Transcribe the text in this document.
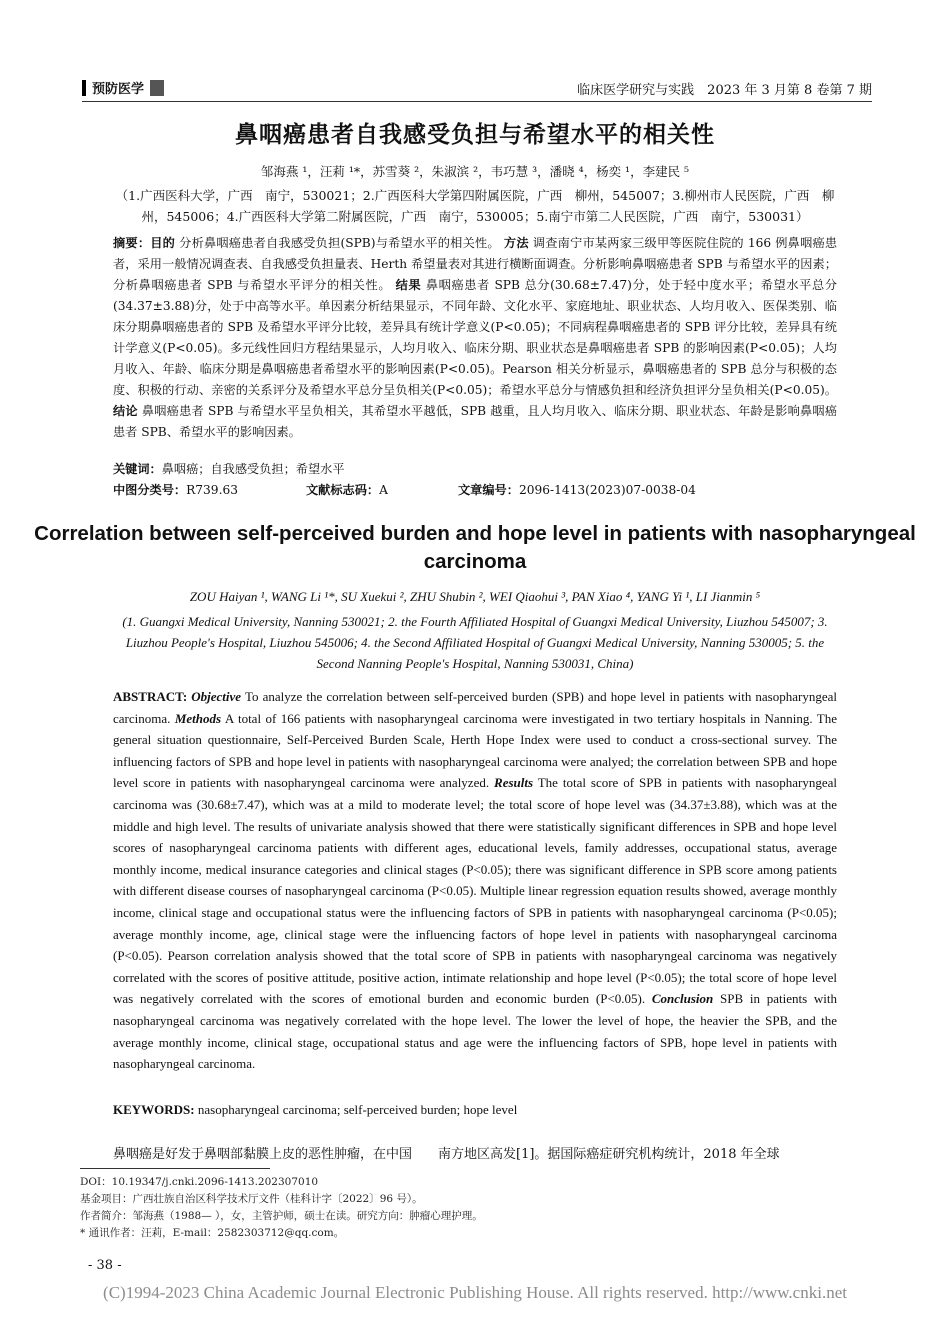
预防医学	临床医学研究与实践　2023 年 3 月第 8 卷第 7 期
鼻咽癌患者自我感受负担与希望水平的相关性
邹海燕 ¹，汪莉 ¹*，苏雪葵 ²，朱淑滨 ²，韦巧慧 ³，潘晓 ⁴，杨奕 ¹，李建民 ⁵
（1.广西医科大学，广西　南宁，530021；2.广西医科大学第四附属医院，广西　柳州，545007；3.柳州市人民医院，广西　柳州，545006；4.广西医科大学第二附属医院，广西　南宁，530005；5.南宁市第二人民医院，广西　南宁，530031）
摘要：目的 分析鼻咽癌患者自我感受负担(SPB)与希望水平的相关性。 方法 调查南宁市某两家三级甲等医院住院的 166 例鼻咽癌患者，采用一般情况调查表、自我感受负担量表、Herth 希望量表对其进行横断面调查。分析影响鼻咽癌患者 SPB 与希望水平的因素；分析鼻咽癌患者 SPB 与希望水平评分的相关性。 结果 鼻咽癌患者 SPB 总分(30.68±7.47)分，处于轻中度水平；希望水平总分(34.37±3.88)分，处于中高等水平。单因素分析结果显示，不同年龄、文化水平、家庭地址、职业状态、人均月收入、医保类别、临床分期鼻咽癌患者的 SPB 及希望水平评分比较，差异具有统计学意义(P<0.05)；不同病程鼻咽癌患者的 SPB 评分比较，差异具有统计学意义(P<0.05)。多元线性回归方程结果显示，人均月收入、临床分期、职业状态是鼻咽癌患者 SPB 的影响因素(P<0.05)；人均月收入、年龄、临床分期是鼻咽癌患者希望水平的影响因素(P<0.05)。Pearson 相关分析显示，鼻咽癌患者的 SPB 总分与积极的态度、积极的行动、亲密的关系评分及希望水平总分呈负相关(P<0.05)；希望水平总分与情感负担和经济负担评分呈负相关(P<0.05)。 结论 鼻咽癌患者 SPB 与希望水平呈负相关，其希望水平越低，SPB 越重，且人均月收入、临床分期、职业状态、年龄是影响鼻咽癌患者 SPB、希望水平的影响因素。
关键词：鼻咽癌；自我感受负担；希望水平
中图分类号：R739.63	文献标志码：A	文章编号：2096-1413(2023)07-0038-04
Correlation between self-perceived burden and hope level in patients with nasopharyngeal carcinoma
ZOU Haiyan ¹, WANG Li ¹*, SU Xuekui ², ZHU Shubin ², WEI Qiaohui ³, PAN Xiao ⁴, YANG Yi ¹, LI Jianmin ⁵
(1. Guangxi Medical University, Nanning 530021; 2. the Fourth Affiliated Hospital of Guangxi Medical University, Liuzhou 545007; 3. Liuzhou People's Hospital, Liuzhou 545006; 4. the Second Affiliated Hospital of Guangxi Medical University, Nanning 530005; 5. the Second Nanning People's Hospital, Nanning 530031, China)
ABSTRACT: Objective To analyze the correlation between self-perceived burden (SPB) and hope level in patients with nasopharyngeal carcinoma. Methods A total of 166 patients with nasopharyngeal carcinoma were investigated in two tertiary hospitals in Nanning. The general situation questionnaire, Self-Perceived Burden Scale, Herth Hope Index were used to conduct a cross-sectional survey. The influencing factors of SPB and hope level in patients with nasopharyngeal carcinoma were analyed; the correlation between SPB and hope level score in patients with nasopharyngeal carcinoma were analyzed. Results The total score of SPB in patients with nasopharyngeal carcinoma was (30.68±7.47), which was at a mild to moderate level; the total score of hope level was (34.37±3.88), which was at the middle and high level. The results of univariate analysis showed that there were statistically significant differences in SPB and hope level scores of nasopharyngeal carcinoma patients with different ages, educational levels, family addresses, occupational status, average monthly income, medical insurance categories and clinical stages (P<0.05); there was significant difference in SPB score among patients with different disease courses of nasopharyngeal carcinoma (P<0.05). Multiple linear regression equation results showed, average monthly income, clinical stage and occupational status were the influencing factors of SPB in patients with nasopharyngeal carcinoma (P<0.05); average monthly income, age, clinical stage were the influencing factors of hope level in patients with nasopharyngeal carcinoma (P<0.05). Pearson correlation analysis showed that the total score of SPB in patients with nasopharyngeal carcinoma was negatively correlated with the scores of positive attitude, positive action, intimate relationship and hope level (P<0.05); the total score of hope level was negatively correlated with the scores of emotional burden and economic burden (P<0.05). Conclusion SPB in patients with nasopharyngeal carcinoma was negatively correlated with the hope level. The lower the level of hope, the heavier the SPB, and the average monthly income, clinical stage, occupational status and age were the influencing factors of SPB, hope level in patients with nasopharyngeal carcinoma.
KEYWORDS: nasopharyngeal carcinoma; self-perceived burden; hope level
鼻咽癌是好发于鼻咽部黏膜上皮的恶性肿瘤，在中国　　南方地区高发[1]。据国际癌症研究机构统计，2018 年全球
DOI：10.19347/j.cnki.2096-1413.202307010
基金项目：广西壮族自治区科学技术厅文件（桂科计字〔2022〕96 号）。
作者简介：邹海燕（1988— ），女，主管护师，硕士在读。研究方向：肿瘤心理护理。
* 通讯作者：汪莉，E-mail：2582303712@qq.com。
- 38 -
(C)1994-2023 China Academic Journal Electronic Publishing House. All rights reserved. http://www.cnki.net
